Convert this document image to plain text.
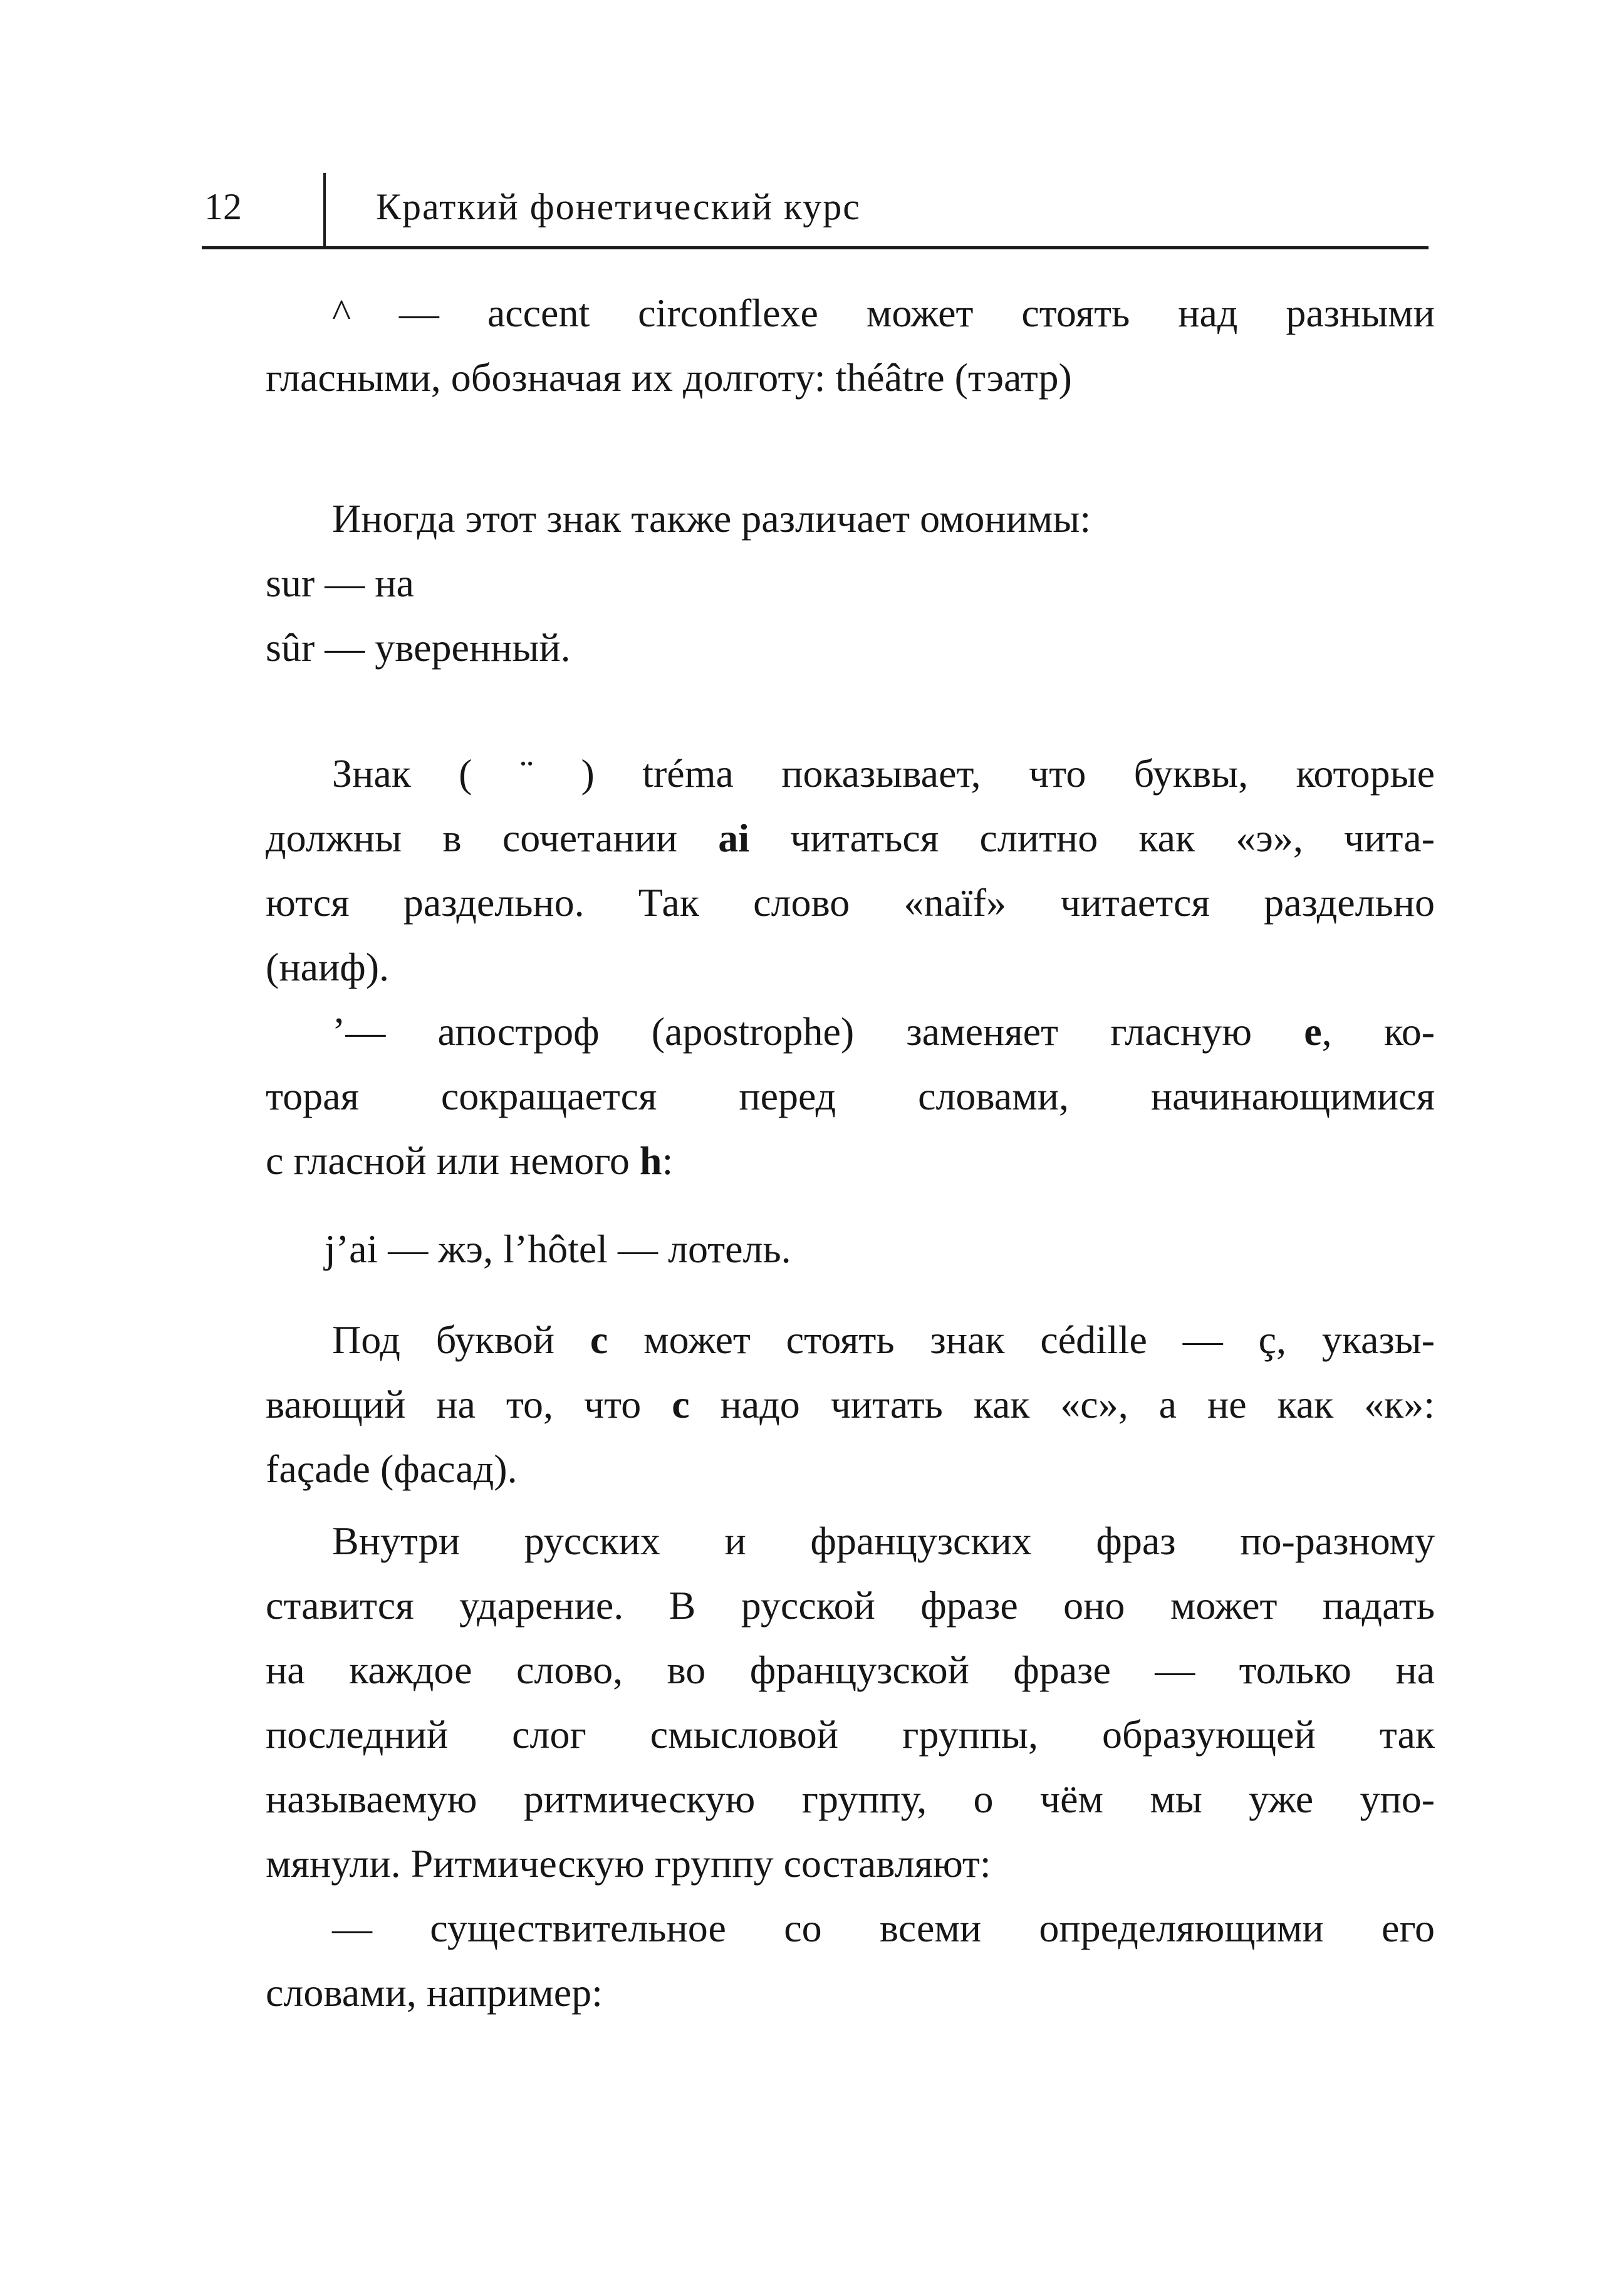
12	Краткий фонетический курс
^ — accent circonflexe может стоять над разными
гласными, обозначая их долготу: théâtre (тэатр)
Иногда этот знак также различает омонимы:
sur — на
sûr — уверенный.
Знак ( ¨ ) tréma показывает, что буквы, которые
должны в сочетании ai читаться слитно как «э», чита-
ются раздельно. Так слово «naïf» читается раздельно
(наиф).
’— апостроф (apostrophe) заменяет гласную е, ко-
торая сокращается перед словами, начинающимися
с гласной или немого h:
j’ai — жэ, l’hôtel — лотель.
Под буквой с может стоять знак cédille — ç, указы-
вающий на то, что с надо читать как «с», а не как «к»:
façade (фасад).
Внутри русских и французских фраз по-разному
ставится ударение. В русской фразе оно может падать
на каждое слово, во французской фразе — только на
последний слог смысловой группы, образующей так
называемую ритмическую группу, о чём мы уже упо-
мянули. Ритмическую группу составляют:
— существительное со всеми определяющими его
словами, например:
